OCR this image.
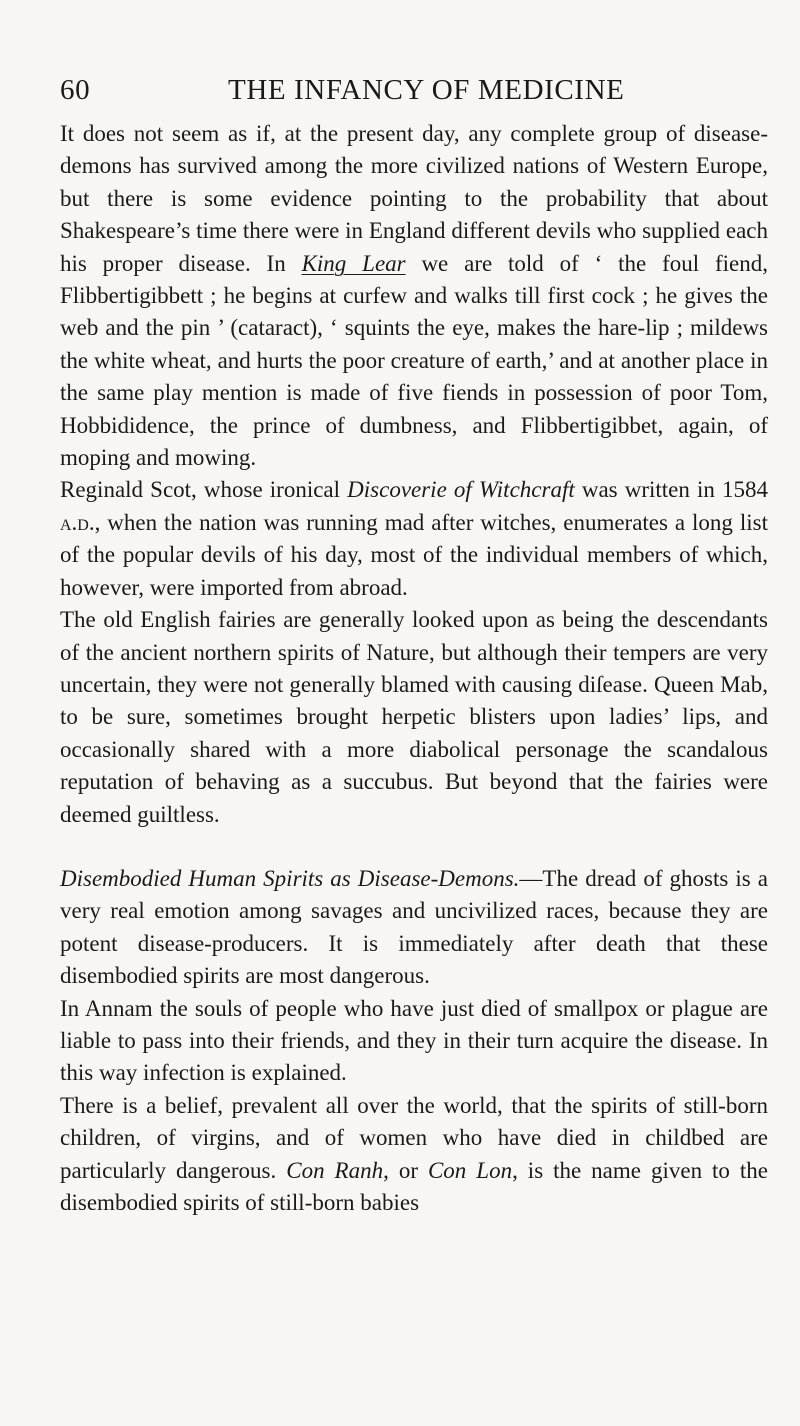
60	THE INFANCY OF MEDICINE

It does not seem as if, at the present day, any complete group of disease-demons has survived among the more civilized nations of Western Europe, but there is some evidence pointing to the probability that about Shakespeare’s time there were in England different devils who supplied each his proper disease. In King Lear we are told of ‘ the foul fiend, Flibbertigibbett ; he begins at curfew and walks till first cock ; he gives the web and the pin ’ (cataract), ‘ squints the eye, makes the hare-lip ; mildews the white wheat, and hurts the poor creature of earth,’ and at another place in the same play mention is made of five fiends in possession of poor Tom, Hobbididence, the prince of dumbness, and Flibbertigibbet, again, of moping and mowing.

Reginald Scot, whose ironical Discoverie of Witchcraft was written in 1584 a.d., when the nation was running mad after witches, enumerates a long list of the popular devils of his day, most of the individual members of which, however, were imported from abroad.

The old English fairies are generally looked upon as being the descendants of the ancient northern spirits of Nature, but although their tempers are very uncertain, they were not generally blamed with causing diſease. Queen Mab, to be sure, sometimes brought herpetic blisters upon ladies’ lips, and occasionally shared with a more diabolical personage the scandalous reputation of behaving as a succubus. But beyond that the fairies were deemed guiltless.

Disembodied Human Spirits as Disease-Demons.—The dread of ghosts is a very real emotion among savages and uncivilized races, because they are potent disease-producers. It is immediately after death that these disembodied spirits are most dangerous.

In Annam the souls of people who have just died of smallpox or plague are liable to pass into their friends, and they in their turn acquire the disease. In this way infection is explained.

There is a belief, prevalent all over the world, that the spirits of still-born children, of virgins, and of women who have died in childbed are particularly dangerous. Con Ranh, or Con Lon, is the name given to the disembodied spirits of still-born babies
